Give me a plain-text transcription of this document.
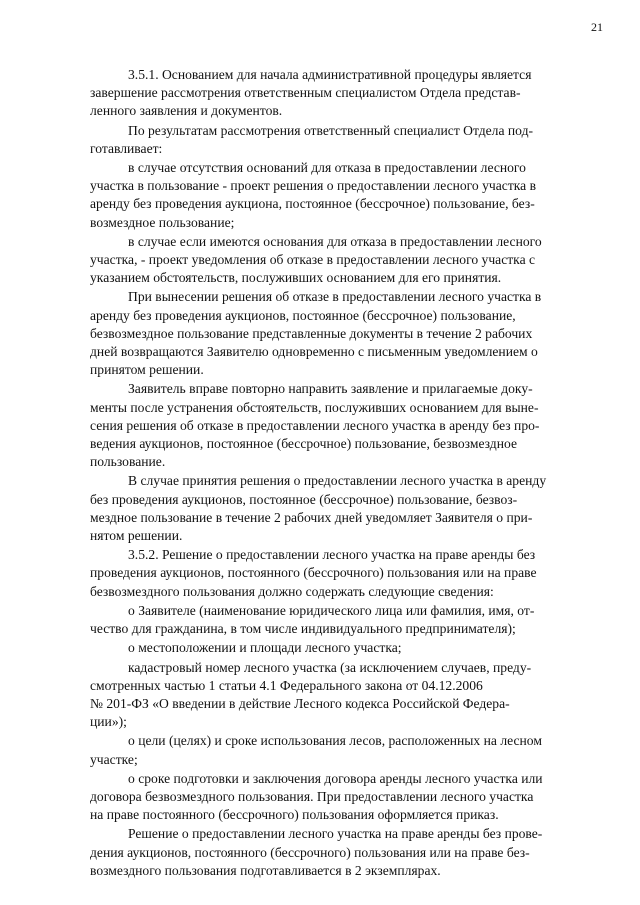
21

3.5.1. Основанием для начала административной процедуры является
завершение рассмотрения ответственным специалистом Отдела представ-
ленного заявления и документов.

По результатам рассмотрения ответственный специалист Отдела под-
готавливает:

в случае отсутствия оснований для отказа в предоставлении лесного
участка в пользование - проект решения о предоставлении лесного участка в
аренду без проведения аукциона, постоянное (бессрочное) пользование, без-
возмездное пользование;

в случае если имеются основания для отказа в предоставлении лесного
участка, - проект уведомления об отказе в предоставлении лесного участка с
указанием обстоятельств, послуживших основанием для его принятия.

При вынесении решения об отказе в предоставлении лесного участка в
аренду без проведения аукционов, постоянное (бессрочное) пользование,
безвозмездное пользование представленные документы в течение 2 рабочих
дней возвращаются Заявителю одновременно с письменным уведомлением о
принятом решении.

Заявитель вправе повторно направить заявление и прилагаемые доку-
менты после устранения обстоятельств, послуживших основанием для выне-
сения решения об отказе в предоставлении лесного участка в аренду без про-
ведения аукционов, постоянное (бессрочное) пользование, безвозмездное
пользование.

В случае принятия решения о предоставлении лесного участка в аренду
без проведения аукционов, постоянное (бессрочное) пользование, безвоз-
мездное пользование в течение 2 рабочих дней уведомляет Заявителя о при-
нятом решении.

3.5.2. Решение о предоставлении лесного участка на праве аренды без
проведения аукционов, постоянного (бессрочного) пользования или на праве
безвозмездного пользования должно содержать следующие сведения:

о Заявителе (наименование юридического лица или фамилия, имя, от-
чество для гражданина, в том числе индивидуального предпринимателя);

о местоположении и площади лесного участка;

кадастровый номер лесного участка (за исключением случаев, преду-
смотренных частью 1 статьи 4.1 Федерального закона от 04.12.2006
№ 201-ФЗ «О введении в действие Лесного кодекса Российской Федера-
ции»);

о цели (целях) и сроке использования лесов, расположенных на лесном
участке;

о сроке подготовки и заключения договора аренды лесного участка или
договора безвозмездного пользования. При предоставлении лесного участка
на праве постоянного (бессрочного) пользования оформляется приказ.

Решение о предоставлении лесного участка на праве аренды без прове-
дения аукционов, постоянного (бессрочного) пользования или на праве без-
возмездного пользования подготавливается в 2 экземплярах.
